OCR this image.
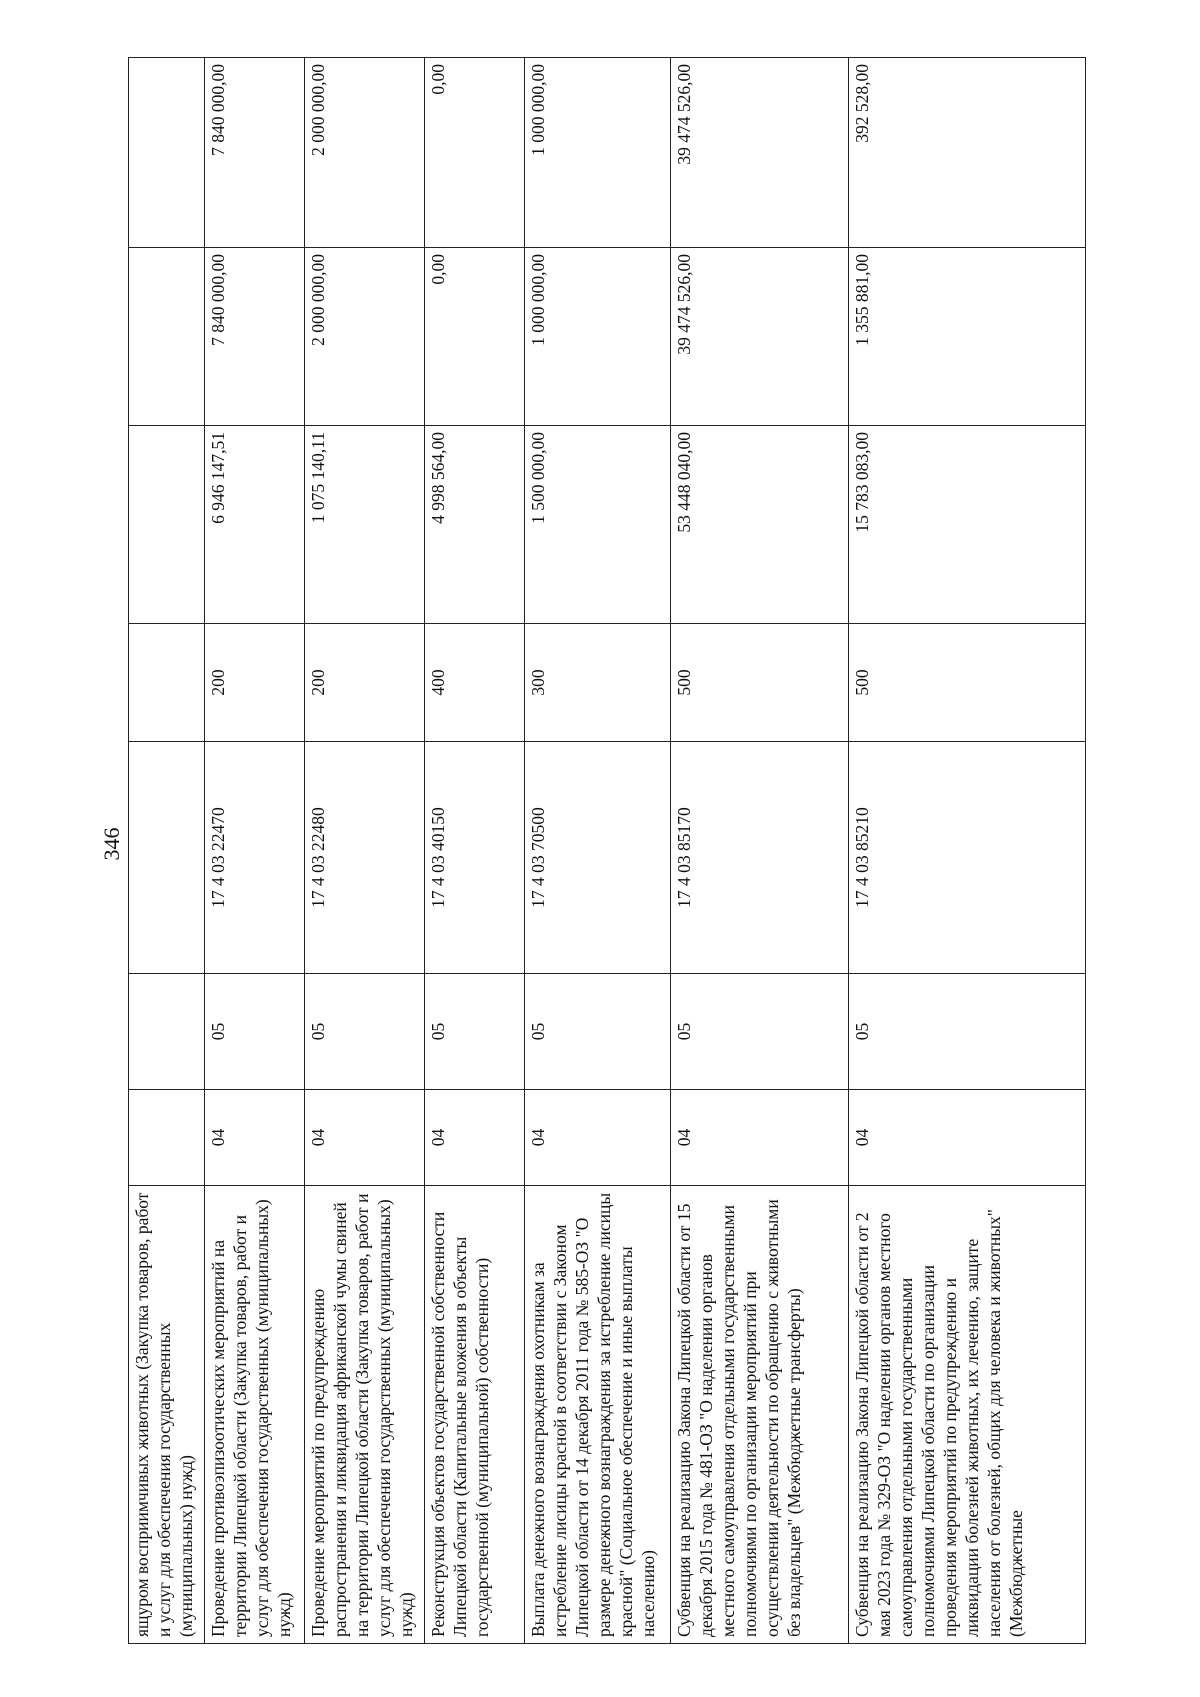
346
ящуром восприимчивых животных (Закупка товаров, работ и услуг для обеспечения государственных (муниципальных) нужд)							
Проведение противоэпизоотических мероприятий на территории Липецкой области (Закупка товаров, работ и услуг для обеспечения государственных (муниципальных) нужд)	04	05	17 4 03 22470	200	6 946 147,51	7 840 000,00	7 840 000,00
Проведение мероприятий по предупреждению распространения и ликвидация африканской чумы свиней на территории Липецкой области (Закупка товаров, работ и услуг для обеспечения государственных (муниципальных) нужд)	04	05	17 4 03 22480	200	1 075 140,11	2 000 000,00	2 000 000,00
Реконструкция объектов государственной собственности Липецкой области (Капитальные вложения в объекты государственной (муниципальной) собственности)	04	05	17 4 03 40150	400	4 998 564,00	0,00	0,00
Выплата денежного вознаграждения охотникам за истребление лисицы красной в соответствии с Законом Липецкой области от 14 декабря 2011 года № 585-ОЗ "О размере денежного вознаграждения за истребление лисицы красной" (Социальное обеспечение и иные выплаты населению)	04	05	17 4 03 70500	300	1 500 000,00	1 000 000,00	1 000 000,00
Субвенция на реализацию Закона Липецкой области от 15 декабря 2015 года № 481-ОЗ "О наделении органов местного самоуправления отдельными государственными полномочиями по организации мероприятий при осуществлении деятельности по обращению с животными без владельцев" (Межбюджетные трансферты)	04	05	17 4 03 85170	500	53 448 040,00	39 474 526,00	39 474 526,00
Субвенция на реализацию Закона Липецкой области от 2 мая 2023 года № 329-ОЗ "О наделении органов местного самоуправления отдельными государственными полномочиями Липецкой области по организации проведения мероприятий по предупреждению и ликвидации болезней животных, их лечению, защите населения от болезней, общих для человека и животных" (Межбюджетные	04	05	17 4 03 85210	500	15 783 083,00	1 355 881,00	392 528,00
